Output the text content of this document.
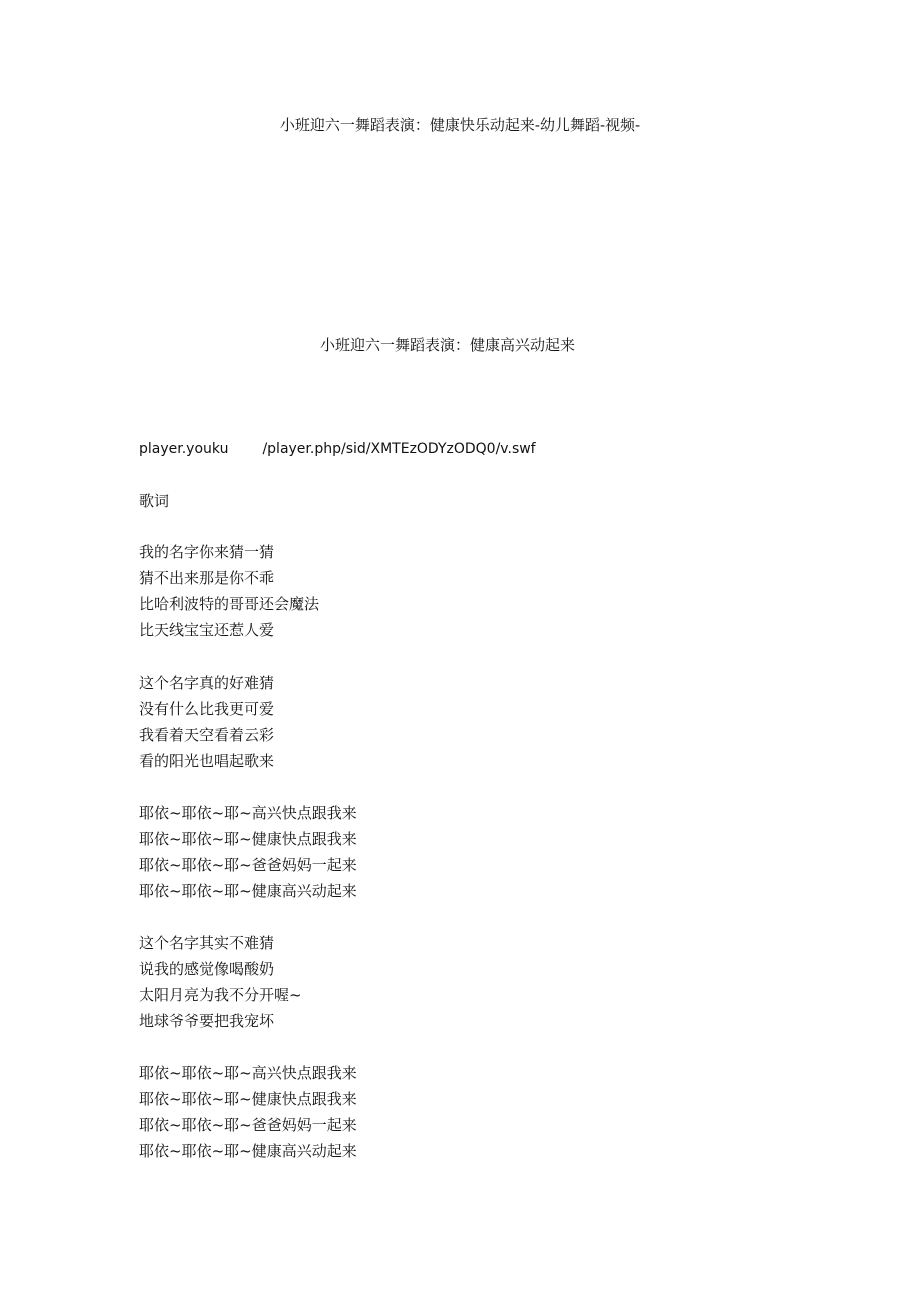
小班迎六一舞蹈表演：健康快乐动起来-幼儿舞蹈-视频-
小班迎六一舞蹈表演：健康高兴动起来
player.youku /player.php/sid/XMTEzODYzODQ0/v.swf
歌词
我的名字你来猜一猜
猜不出来那是你不乖
比哈利波特的哥哥还会魔法
比天线宝宝还惹人爱
这个名字真的好难猜
没有什么比我更可爱
我看着天空看着云彩
看的阳光也唱起歌来
耶依~耶依~耶~高兴快点跟我来
耶依~耶依~耶~健康快点跟我来
耶依~耶依~耶~爸爸妈妈一起来
耶依~耶依~耶~健康高兴动起来
这个名字其实不难猜
说我的感觉像喝酸奶
太阳月亮为我不分开喔~
地球爷爷要把我宠坏
耶依~耶依~耶~高兴快点跟我来
耶依~耶依~耶~健康快点跟我来
耶依~耶依~耶~爸爸妈妈一起来
耶依~耶依~耶~健康高兴动起来
